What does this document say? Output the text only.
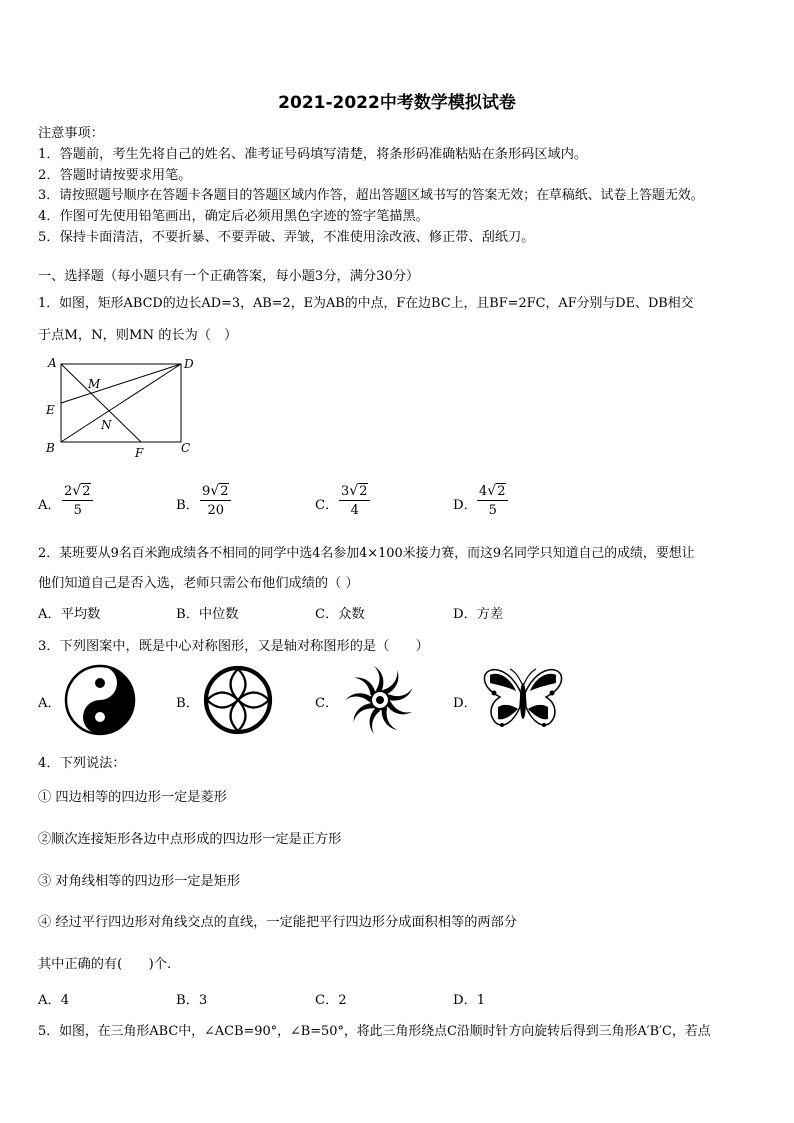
2021-2022中考数学模拟试卷
注意事项：
1．答题前，考生先将自己的姓名、准考证号码填写清楚，将条形码准确粘贴在条形码区域内。
2．答题时请按要求用笔。
3．请按照题号顺序在答题卡各题目的答题区域内作答，超出答题区域书写的答案无效；在草稿纸、试卷上答题无效。
4．作图可先使用铅笔画出，确定后必须用黑色字迹的签字笔描黑。
5．保持卡面清洁，不要折暴、不要弄破、弄皱，不准使用涂改液、修正带、刮纸刀。
一、选择题（每小题只有一个正确答案，每小题3分，满分30分）
1．如图，矩形ABCD的边长AD=3，AB=2，E为AB的中点，F在边BC上，且BF=2FC，AF分别与DE、DB相交
于点M，N，则MN 的长为（　）
A	D
E
B	C
F
M
N
A． $\frac{2√2}{5}$	B． $\frac{9√2}{20}$	C． $\frac{3√2}{4}$	D． $\frac{4√2}{5}$
2．某班要从9名百米跑成绩各不相同的同学中选4名参加4×100米接力赛，而这9名同学只知道自己的成绩，要想让
他们知道自己是否入选，老师只需公布他们成绩的（ ）
A．平均数	B．中位数	C．众数	D．方差
3．下列图案中，既是中心对称图形，又是轴对称图形的是（　　）
A．	B．	C．	D．
4．下列说法：
① 四边相等的四边形一定是菱形
②顺次连接矩形各边中点形成的四边形一定是正方形
③ 对角线相等的四边形一定是矩形
④ 经过平行四边形对角线交点的直线，一定能把平行四边形分成面积相等的两部分
其中正确的有(　　)个.
A．4	B．3	C．2	D．1
5．如图，在三角形ABC中，∠ACB=90°，∠B=50°，将此三角形绕点C沿顺时针方向旋转后得到三角形A′B′C，若点
